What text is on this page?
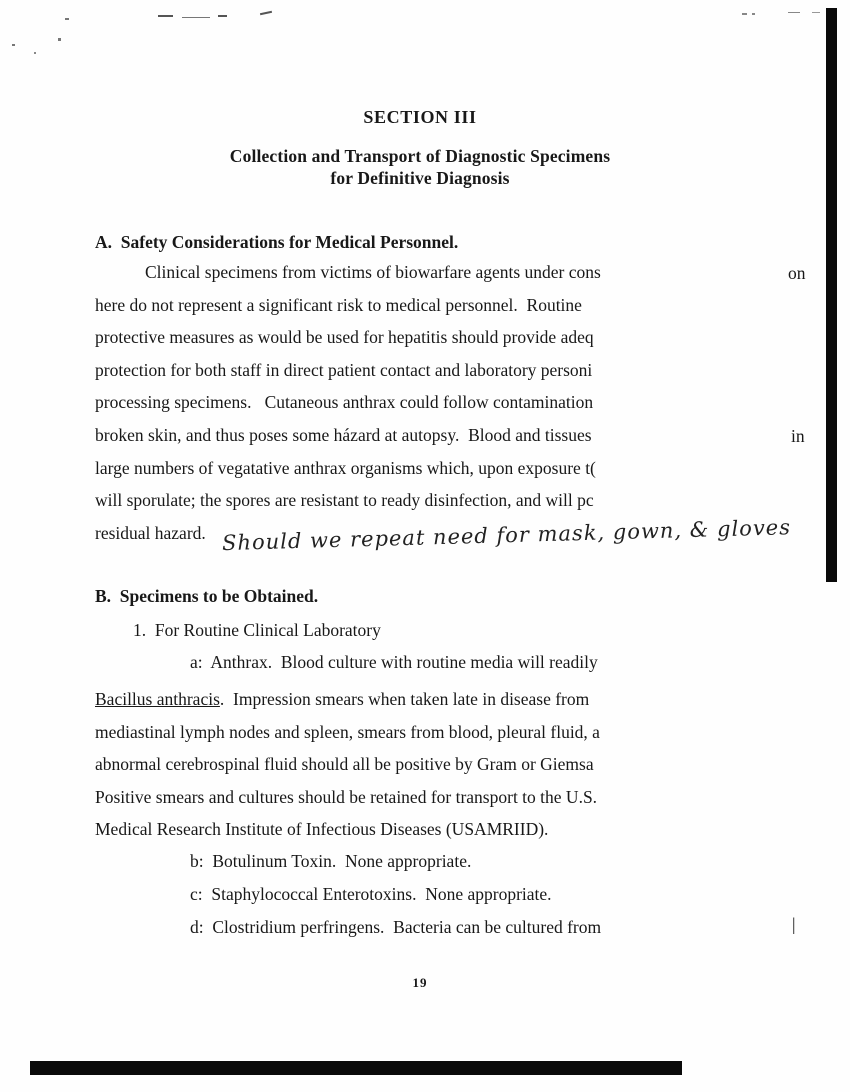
SECTION III
Collection and Transport of Diagnostic Specimens
for Definitive Diagnosis
A.  Safety Considerations for Medical Personnel.
Clinical specimens from victims of biowarfare agents under cons
here do not represent a significant risk to medical personnel.  Routine
protective measures as would be used for hepatitis should provide adeq
protection for both staff in direct patient contact and laboratory personi
processing specimens.   Cutaneous anthrax could follow contamination
broken skin, and thus poses some házard at autopsy.  Blood and tissues
large numbers of vegatative anthrax organisms which, upon exposure t(
will sporulate; the spores are resistant to ready disinfection, and will pc
residual hazard.
on
in
Should we repeat need for mask, gown, & gloves
B.  Specimens to be Obtained.
1.  For Routine Clinical Laboratory
a:  Anthrax.  Blood culture with routine media will readily
Bacillus anthracis.  Impression smears when taken late in disease from
mediastinal lymph nodes and spleen, smears from blood, pleural fluid, a
abnormal cerebrospinal fluid should all be positive by Gram or Giemsa
Positive smears and cultures should be retained for transport to the U.S.
Medical Research Institute of Infectious Diseases (USAMRIID).
b:  Botulinum Toxin.  None appropriate.
c:  Staphylococcal Enterotoxins.  None appropriate.
d:  Clostridium perfringens.  Bacteria can be cultured from	|
19
